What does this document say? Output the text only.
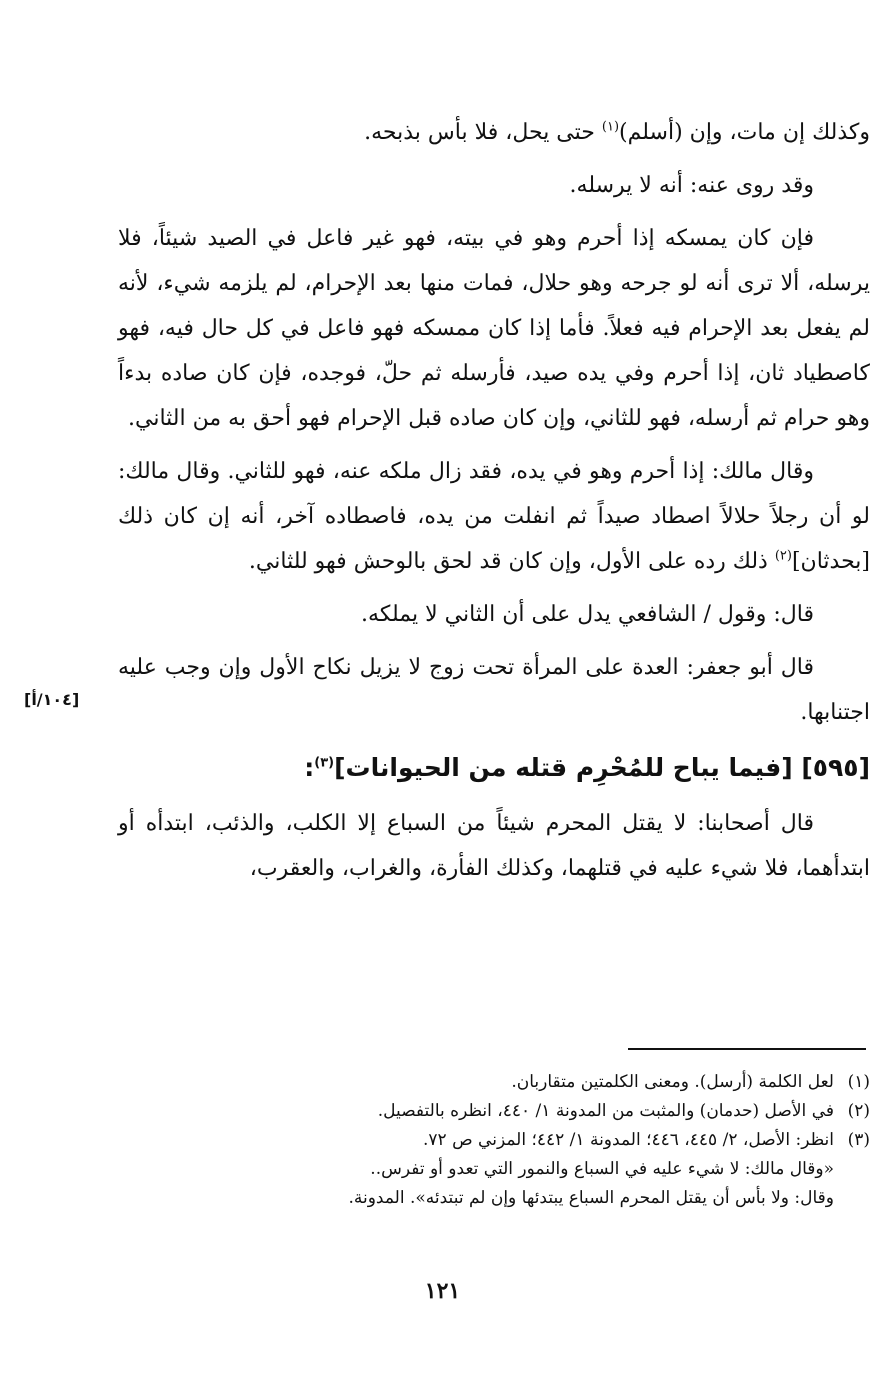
وكذلك إن مات، وإن (أسلم)$^{(١)}$ حتى يحل، فلا بأس بذبحه.

وقد روى عنه: أنه لا يرسله.

فإن كان يمسكه إذا أحرم وهو في بيته، فهو غير فاعل في الصيد شيئاً، فلا يرسله، ألا ترى أنه لو جرحه وهو حلال، فمات منها بعد الإحرام، لم يلزمه شيء، لأنه لم يفعل بعد الإحرام فيه فعلاً. فأما إذا كان ممسكه فهو فاعل في كل حال فيه، فهو كاصطياد ثان، إذا أحرم وفي يده صيد، فأرسله ثم حلّ، فوجده، فإن كان صاده بدءاً وهو حرام ثم أرسله، فهو للثاني، وإن كان صاده قبل الإحرام فهو أحق به من الثاني.

وقال مالك: إذا أحرم وهو في يده، فقد زال ملكه عنه، فهو للثاني. وقال مالك: لو أن رجلاً حلالاً اصطاد صيداً ثم انفلت من يده، فاصطاده آخر، أنه إن كان ذلك [بحدثان]$^{(٢)}$ ذلك رده على الأول، وإن كان قد لحق بالوحش فهو للثاني.

قال: وقول / الشافعي يدل على أن الثاني لا يملكه.

قال أبو جعفر: العدة على المرأة تحت زوج لا يزيل نكاح الأول وإن وجب عليه اجتنابها.

[٥٩٥] [فيما يباح للمُحْرِم قتله من الحيوانات]$^{(٣)}$:

قال أصحابنا: لا يقتل المحرم شيئاً من السباع إلا الكلب، والذئب، ابتدأه أو ابتدأهما، فلا شيء عليه في قتلهما، وكذلك الفأرة، والغراب، والعقرب،

[١٠٤/أ]

(١)لعل الكلمة (أرسل). ومعنى الكلمتين متقاربان.

(٢)في الأصل (حدمان) والمثبت من المدونة ١/ ٤٤٠، انظره بالتفصيل.

(٣)انظر: الأصل، ٢/ ٤٤٥، ٤٤٦؛ المدونة ١/ ٤٤٢؛ المزني ص ٧٢.

«وقال مالك: لا شيء عليه في السباع والنمور التي تعدو أو تفرس..

وقال: ولا بأس أن يقتل المحرم السباع يبتدئها وإن لم تبتدئه». المدونة.

١٢١
